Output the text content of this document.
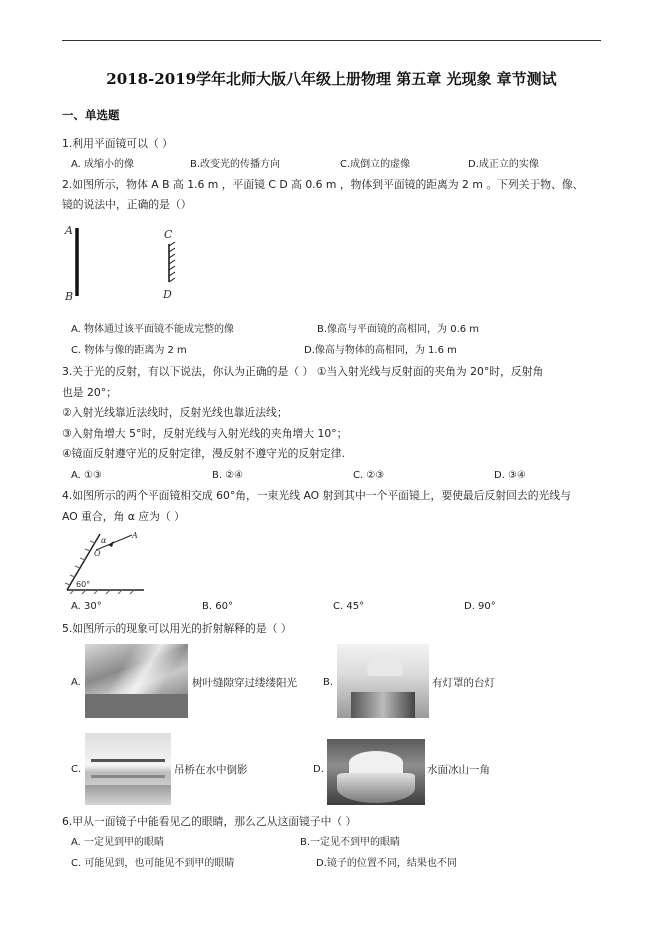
2018-2019学年北师大版八年级上册物理 第五章 光现象 章节测试
一、单选题
1.利用平面镜可以（ ）
A. 成缩小的像	B.改变光的传播方向	C.成倒立的虚像	D.成正立的实像
2.如图所示，物体 A B 高 1.6 m ，平面镜 C D 高 0.6 m ，物体到平面镜的距离为 2 m 。下列关于物、像、
镜的说法中，正确的是（）
A
B
C
D
A. 物体通过该平面镜不能成完整的像	B.像高与平面镜的高相同，为 0.6 m
C. 物体与像的距离为 2 m	D.像高与物体的高相同，为 1.6 m
3.关于光的反射，有以下说法，你认为正确的是（ ） ①当入射光线与反射面的夹角为 20°时，反射角
也是 20°；
②入射光线靠近法线时，反射光线也靠近法线；
③入射角增大 5°时，反射光线与入射光线的夹角增大 10°；
④镜面反射遵守光的反射定律，漫反射不遵守光的反射定律.
A. ①③	B. ②④	C. ②③	D. ③④
4.如图所示的两个平面镜相交成 60°角，一束光线 AO 射到其中一个平面镜上，要使最后反射回去的光线与
AO 重合，角 α 应为（ ）
α
A
O
60°
A. 30°	B. 60°	C. 45°	D. 90°
5.如图所示的现象可以用光的折射解释的是（ ）
A.	树叶缝隙穿过缕缕阳光	B.	有灯罩的台灯
C.	吊桥在水中倒影	D.	水面冰山一角
6.甲从一面镜子中能看见乙的眼睛，那么乙从这面镜子中（ ）
A. 一定见到甲的眼睛	B.一定见不到甲的眼睛
C. 可能见到，也可能见不到甲的眼睛	D.镜子的位置不同，结果也不同
